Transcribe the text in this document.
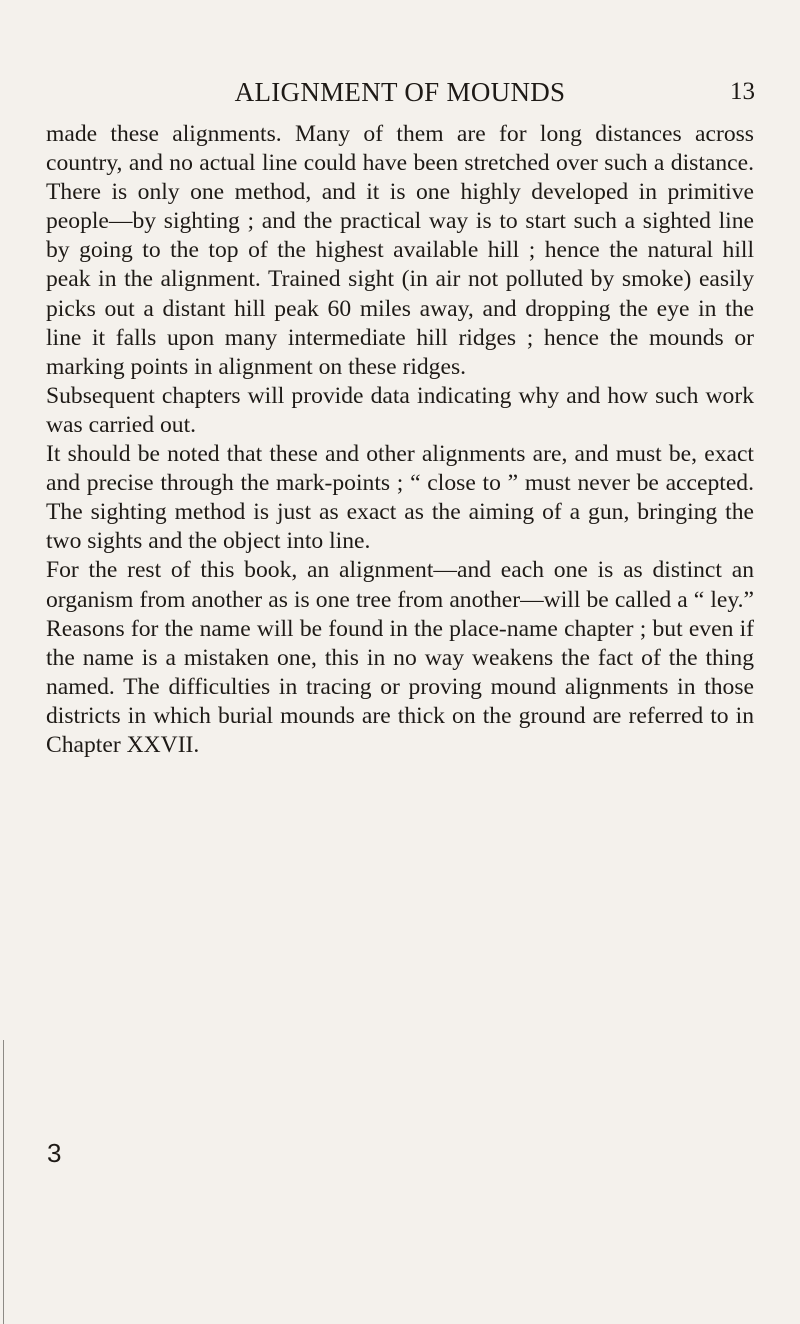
ALIGNMENT OF MOUNDS	13

made these alignments. Many of them are for long distances across country, and no actual line could have been stretched over such a distance. There is only one method, and it is one highly developed in primitive people—by sighting ; and the practical way is to start such a sighted line by going to the top of the highest available hill ; hence the natural hill peak in the alignment. Trained sight (in air not polluted by smoke) easily picks out a distant hill peak 60 miles away, and dropping the eye in the line it falls upon many intermediate hill ridges ; hence the mounds or marking points in alignment on these ridges.

Subsequent chapters will provide data indicating why and how such work was carried out.

It should be noted that these and other alignments are, and must be, exact and precise through the mark-points ; “ close to ” must never be accepted. The sighting method is just as exact as the aiming of a gun, bringing the two sights and the object into line.

For the rest of this book, an alignment—and each one is as distinct an organism from another as is one tree from another—will be called a “ ley.” Reasons for the name will be found in the place-name chapter ; but even if the name is a mistaken one, this in no way weakens the fact of the thing named. The difficulties in tracing or proving mound alignments in those districts in which burial mounds are thick on the ground are referred to in Chapter XXVII.

3
